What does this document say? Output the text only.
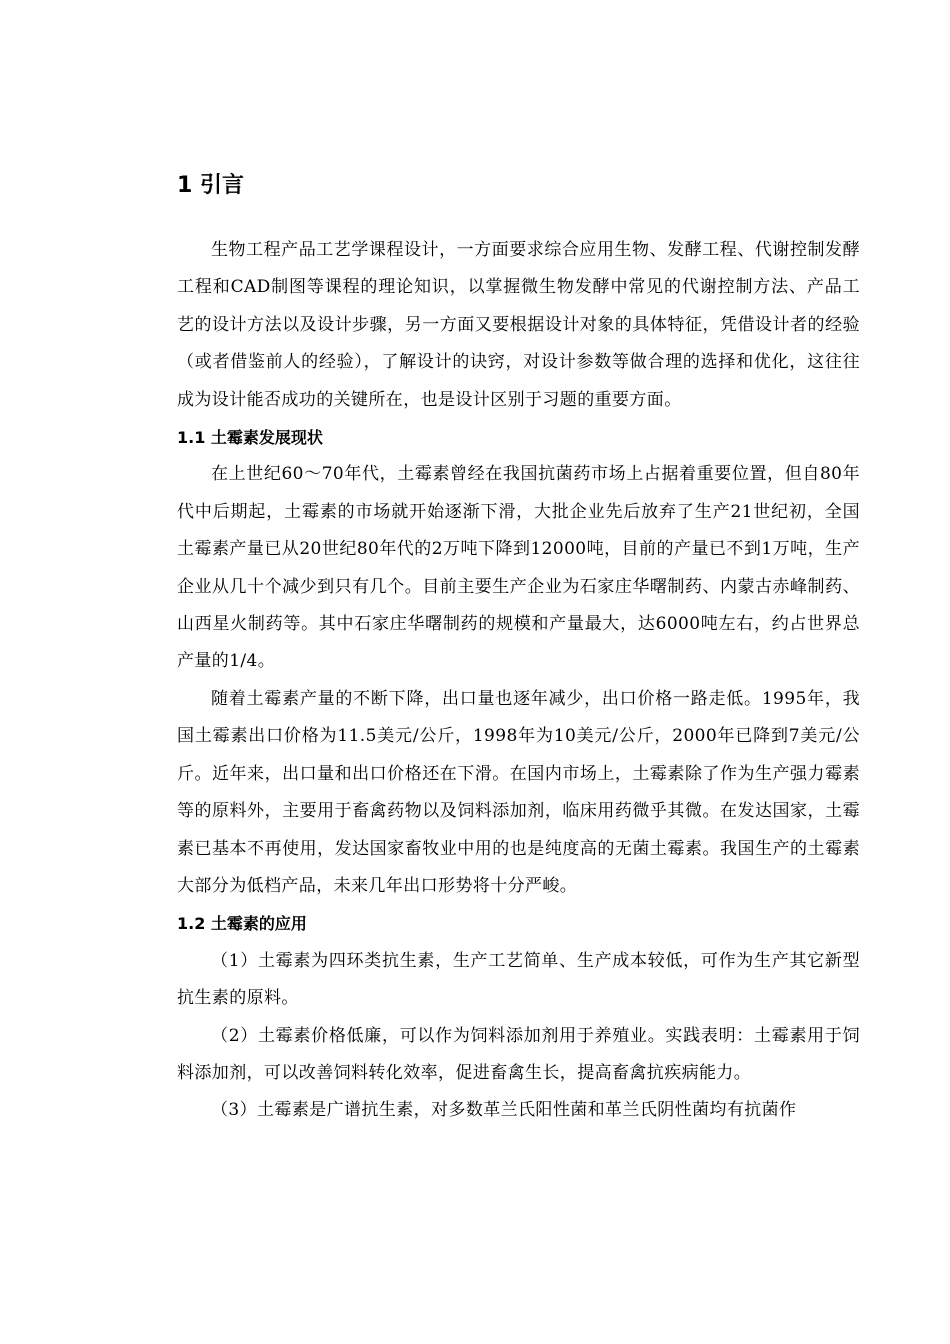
1 引言

生物工程产品工艺学课程设计，一方面要求综合应用生物、发酵工程、代谢控制发酵工程和CAD制图等课程的理论知识，以掌握微生物发酵中常见的代谢控制方法、产品工艺的设计方法以及设计步骤，另一方面又要根据设计对象的具体特征，凭借设计者的经验（或者借鉴前人的经验），了解设计的诀窍，对设计参数等做合理的选择和优化，这往往成为设计能否成功的关键所在，也是设计区别于习题的重要方面。

1.1 土霉素发展现状

在上世纪60～70年代，土霉素曾经在我国抗菌药市场上占据着重要位置，但自80年代中后期起，土霉素的市场就开始逐渐下滑，大批企业先后放弃了生产21世纪初，全国土霉素产量已从20世纪80年代的2万吨下降到12000吨，目前的产量已不到1万吨，生产企业从几十个减少到只有几个。目前主要生产企业为石家庄华曙制药、内蒙古赤峰制药、山西星火制药等。其中石家庄华曙制药的规模和产量最大，达6000吨左右，约占世界总产量的1/4。

随着土霉素产量的不断下降，出口量也逐年减少，出口价格一路走低。1995年，我国土霉素出口价格为11.5美元/公斤，1998年为10美元/公斤，2000年已降到7美元/公斤。近年来，出口量和出口价格还在下滑。在国内市场上，土霉素除了作为生产强力霉素等的原料外，主要用于畜禽药物以及饲料添加剂，临床用药微乎其微。在发达国家，土霉素已基本不再使用，发达国家畜牧业中用的也是纯度高的无菌土霉素。我国生产的土霉素大部分为低档产品，未来几年出口形势将十分严峻。

1.2 土霉素的应用

（1）土霉素为四环类抗生素，生产工艺简单、生产成本较低，可作为生产其它新型抗生素的原料。

（2）土霉素价格低廉，可以作为饲料添加剂用于养殖业。实践表明：土霉素用于饲料添加剂，可以改善饲料转化效率，促进畜禽生长，提高畜禽抗疾病能力。

（3）土霉素是广谱抗生素，对多数革兰氏阳性菌和革兰氏阴性菌均有抗菌作
